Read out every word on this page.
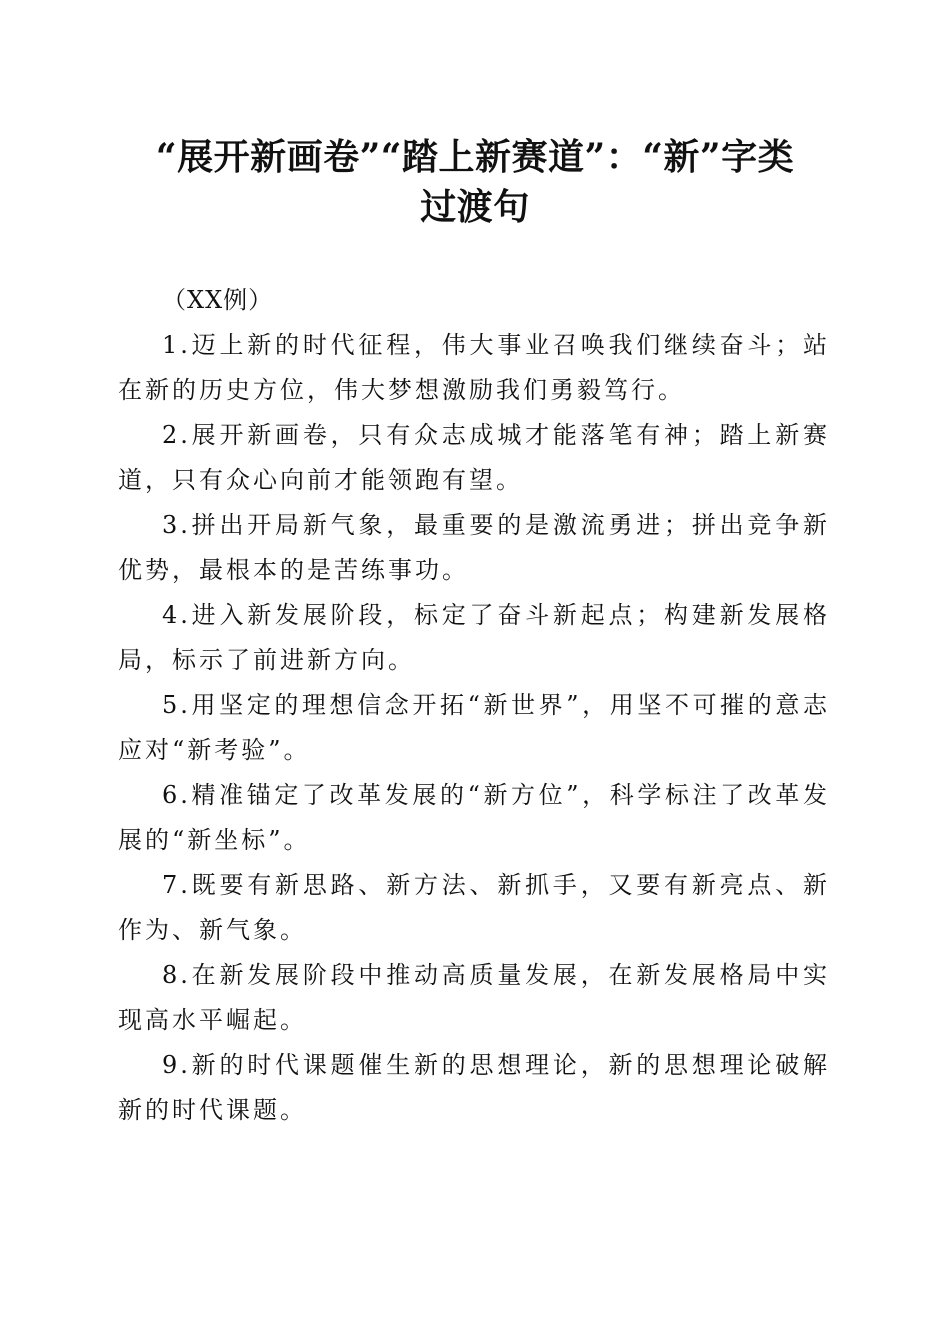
“展开新画卷”“踏上新赛道”：“新”字类
过渡句

（XX例）

1.迈上新的时代征程，伟大事业召唤我们继续奋斗；站在新的历史方位，伟大梦想激励我们勇毅笃行。

2.展开新画卷，只有众志成城才能落笔有神；踏上新赛道，只有众心向前才能领跑有望。

3.拼出开局新气象，最重要的是激流勇进；拼出竞争新优势，最根本的是苦练事功。

4.进入新发展阶段，标定了奋斗新起点；构建新发展格局，标示了前进新方向。

5.用坚定的理想信念开拓“新世界”，用坚不可摧的意志应对“新考验”。

6.精准锚定了改革发展的“新方位”，科学标注了改革发展的“新坐标”。

7.既要有新思路、新方法、新抓手，又要有新亮点、新作为、新气象。

8.在新发展阶段中推动高质量发展，在新发展格局中实现高水平崛起。

9.新的时代课题催生新的思想理论，新的思想理论破解新的时代课题。
